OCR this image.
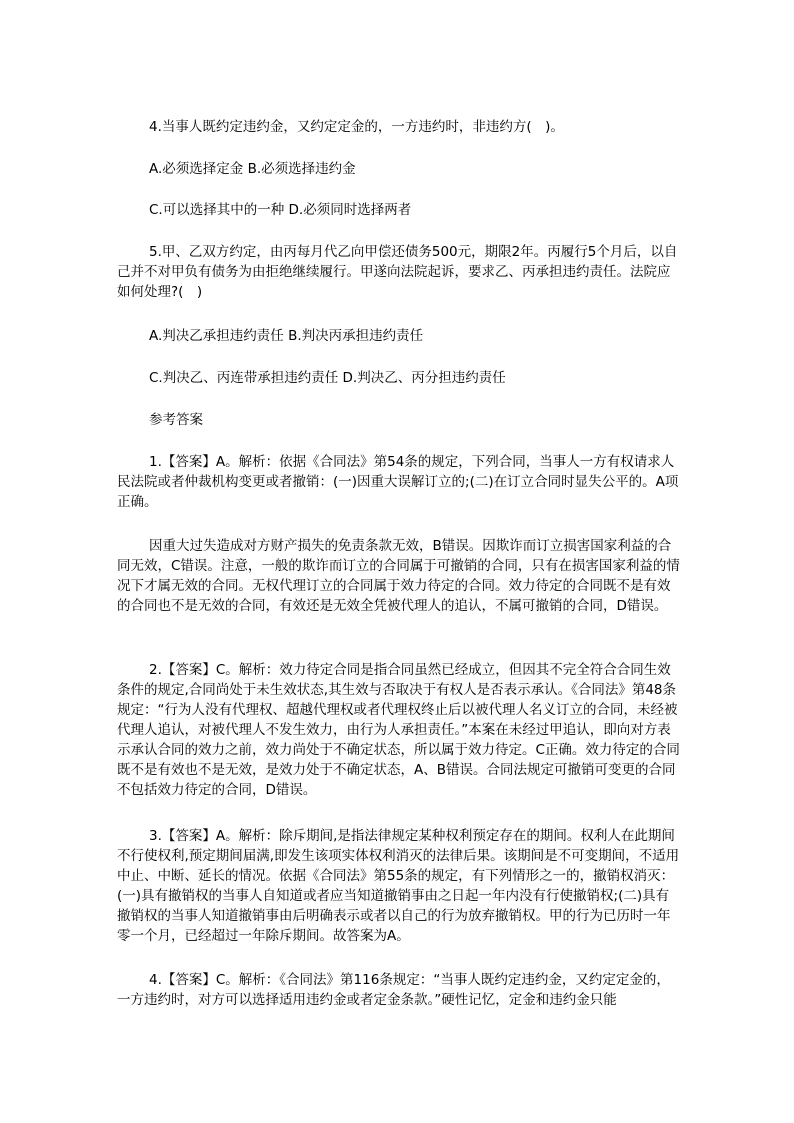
4.当事人既约定违约金，又约定定金的，一方违约时，非违约方(　)。

A.必须选择定金 B.必须选择违约金

C.可以选择其中的一种 D.必须同时选择两者

5.甲、乙双方约定，由丙每月代乙向甲偿还债务500元，期限2年。丙履行5个月后，以自己并不对甲负有债务为由拒绝继续履行。甲遂向法院起诉，要求乙、丙承担违约责任。法院应如何处理?(　)

A.判决乙承担违约责任 B.判决丙承担违约责任

C.判决乙、丙连带承担违约责任 D.判决乙、丙分担违约责任

参考答案

1.【答案】A。解析：依据《合同法》第54条的规定，下列合同，当事人一方有权请求人民法院或者仲裁机构变更或者撤销：(一)因重大误解订立的;(二)在订立合同时显失公平的。A项正确。

因重大过失造成对方财产损失的免责条款无效，B错误。因欺诈而订立损害国家利益的合同无效，C错误。注意，一般的欺诈而订立的合同属于可撤销的合同，只有在损害国家利益的情况下才属无效的合同。无权代理订立的合同属于效力待定的合同。效力待定的合同既不是有效的合同也不是无效的合同，有效还是无效全凭被代理人的追认，不属可撤销的合同，D错误。

2.【答案】C。解析：效力待定合同是指合同虽然已经成立，但因其不完全符合合同生效条件的规定,合同尚处于未生效状态,其生效与否取决于有权人是否表示承认。《合同法》第48条规定：“行为人没有代理权、超越代理权或者代理权终止后以被代理人名义订立的合同，未经被代理人追认，对被代理人不发生效力，由行为人承担责任。”本案在未经过甲追认，即向对方表示承认合同的效力之前，效力尚处于不确定状态，所以属于效力待定。C正确。效力待定的合同既不是有效也不是无效，是效力处于不确定状态，A、B错误。合同法规定可撤销可变更的合同不包括效力待定的合同，D错误。

3.【答案】A。解析：除斥期间,是指法律规定某种权利预定存在的期间。权利人在此期间不行使权利,预定期间届满,即发生该项实体权利消灭的法律后果。该期间是不可变期间，不适用中止、中断、延长的情况。依据《合同法》第55条的规定，有下列情形之一的，撤销权消灭：(一)具有撤销权的当事人自知道或者应当知道撤销事由之日起一年内没有行使撤销权;(二)具有撤销权的当事人知道撤销事由后明确表示或者以自己的行为放弃撤销权。甲的行为已历时一年零一个月，已经超过一年除斥期间。故答案为A。

4.【答案】C。解析：《合同法》第116条规定：“当事人既约定违约金，又约定定金的，一方违约时，对方可以选择适用违约金或者定金条款。”硬性记忆，定金和违约金只能
